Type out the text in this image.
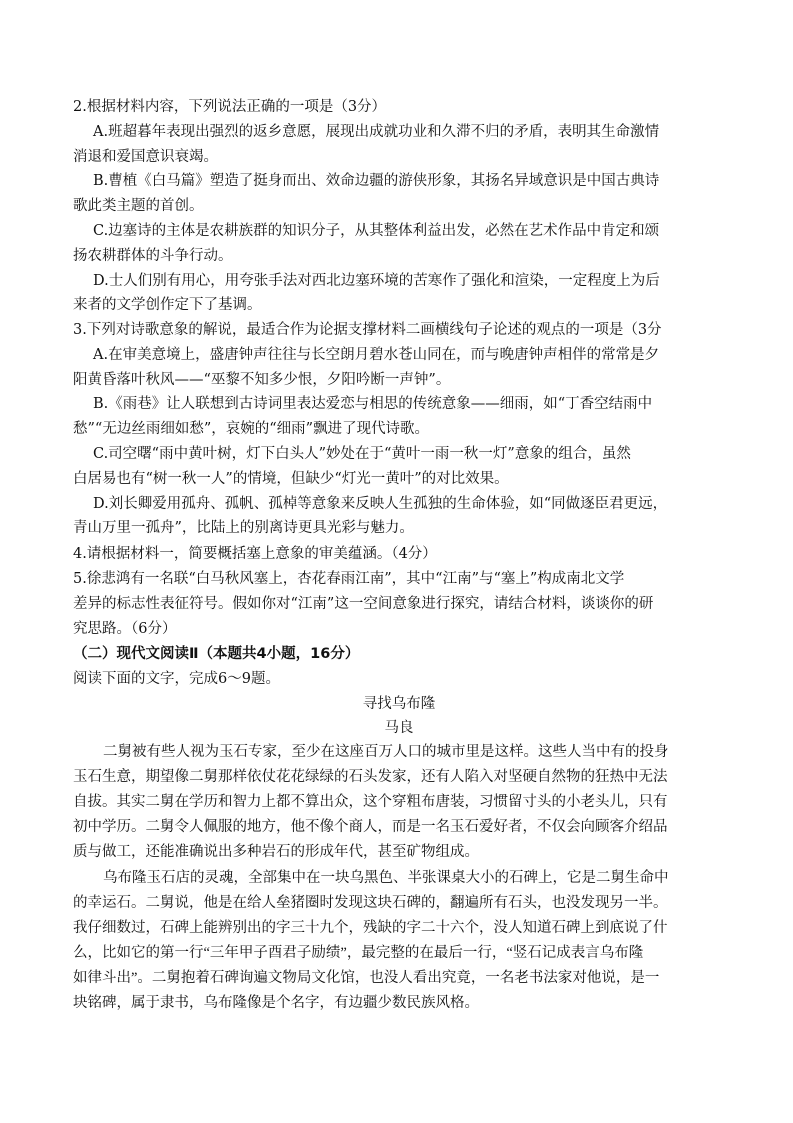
2.根据材料内容，下列说法正确的一项是（3分）
A.班超暮年表现出强烈的返乡意愿，展现出成就功业和久滞不归的矛盾，表明其生命激情
消退和爱国意识衰竭。
B.曹植《白马篇》塑造了挺身而出、效命边疆的游侠形象，其扬名异域意识是中国古典诗
歌此类主题的首创。
C.边塞诗的主体是农耕族群的知识分子，从其整体利益出发，必然在艺术作品中肯定和颂
扬农耕群体的斗争行动。
D.士人们别有用心，用夸张手法对西北边塞环境的苦寒作了强化和渲染，一定程度上为后
来者的文学创作定下了基调。
3.下列对诗歌意象的解说，最适合作为论据支撑材料二画横线句子论述的观点的一项是（3分
A.在审美意境上，盛唐钟声往往与长空朗月碧水苍山同在，而与晚唐钟声相伴的常常是夕
阳黄昏落叶秋风——“巫黎不知多少恨，夕阳吟断一声钟”。
B.《雨巷》让人联想到古诗词里表达爱恋与相思的传统意象——细雨，如“丁香空结雨中
愁”“无边丝雨细如愁”，哀婉的“细雨”飘进了现代诗歌。
C.司空曙“雨中黄叶树，灯下白头人”妙处在于“黄叶一雨一秋一灯”意象的组合，虽然
白居易也有“树一秋一人”的情境，但缺少“灯光一黄叶”的对比效果。
D.刘长卿爱用孤舟、孤帆、孤棹等意象来反映人生孤独的生命体验，如“同做逐臣君更远，
青山万里一孤舟”，比陆上的别离诗更具光彩与魅力。
4.请根据材料一，简要概括塞上意象的审美蕴涵。（4分）
5.徐悲鸿有一名联“白马秋风塞上，杏花春雨江南”，其中“江南”与“塞上”构成南北文学
差异的标志性表征符号。假如你对“江南”这一空间意象进行探究，请结合材料，谈谈你的研
究思路。（6分）
（二）现代文阅读Ⅱ（本题共4小题，16分）
阅读下面的文字，完成6～9题。
寻找乌布隆
马良
二舅被有些人视为玉石专家，至少在这座百万人口的城市里是这样。这些人当中有的投身
玉石生意，期望像二舅那样依仗花花绿绿的石头发家，还有人陷入对坚硬自然物的狂热中无法
自拔。其实二舅在学历和智力上都不算出众，这个穿粗布唐装，习惯留寸头的小老头儿，只有
初中学历。二舅令人佩服的地方，他不像个商人，而是一名玉石爱好者，不仅会向顾客介绍品
质与做工，还能准确说出多种岩石的形成年代，甚至矿物组成。
乌布隆玉石店的灵魂，全部集中在一块乌黑色、半张课桌大小的石碑上，它是二舅生命中
的幸运石。二舅说，他是在给人垒猪圈时发现这块石碑的，翻遍所有石头，也没发现另一半。
我仔细数过，石碑上能辨别出的字三十九个，残缺的字二十六个，没人知道石碑上到底说了什
么，比如它的第一行“三年甲子酉君子励绩”，最完整的在最后一行，“竖石记成表言乌布隆
如律斗出”。二舅抱着石碑询遍文物局文化馆，也没人看出究竟，一名老书法家对他说，是一
块铭碑，属于隶书，乌布隆像是个名字，有边疆少数民族风格。
